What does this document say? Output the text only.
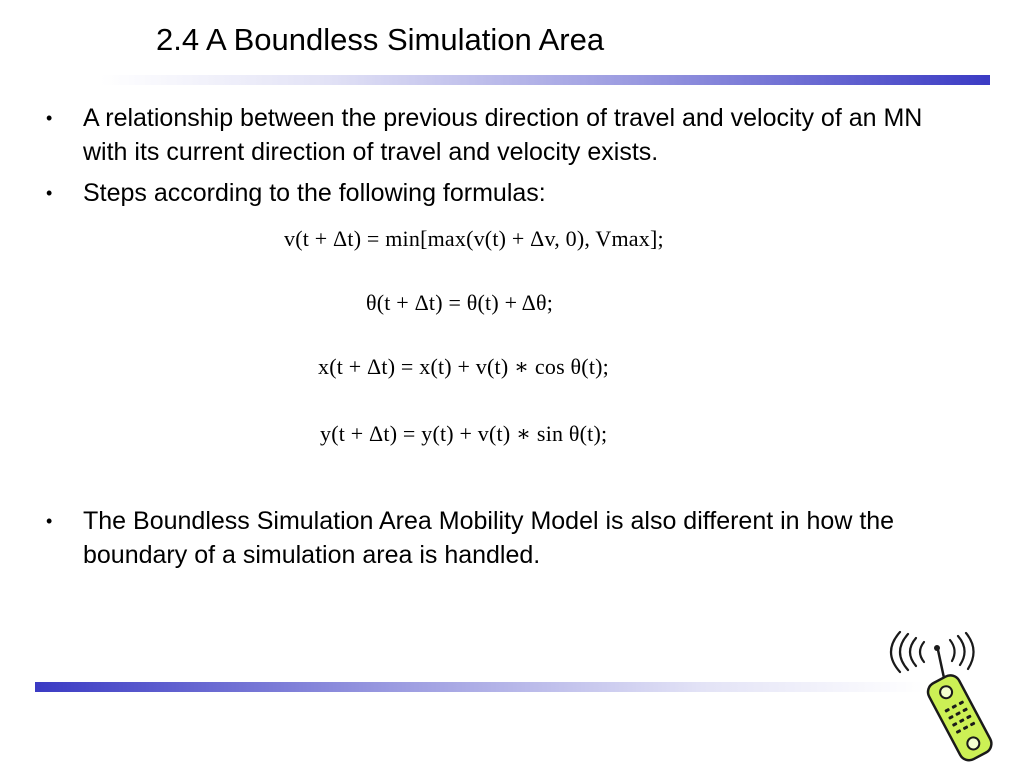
2.4 A Boundless Simulation Area
• A relationship between the previous direction of travel and velocity of an MN with its current direction of travel and velocity exists.
• Steps according to the following formulas:
• The Boundless Simulation Area Mobility Model is also different in how the boundary of a simulation area is handled.
v(t + Δt) = min[max(v(t) + Δv, 0), Vmax];
θ(t + Δt) = θ(t) + Δθ;
x(t + Δt) = x(t) + v(t) ∗ cos θ(t);
y(t + Δt) = y(t) + v(t) ∗ sin θ(t);
